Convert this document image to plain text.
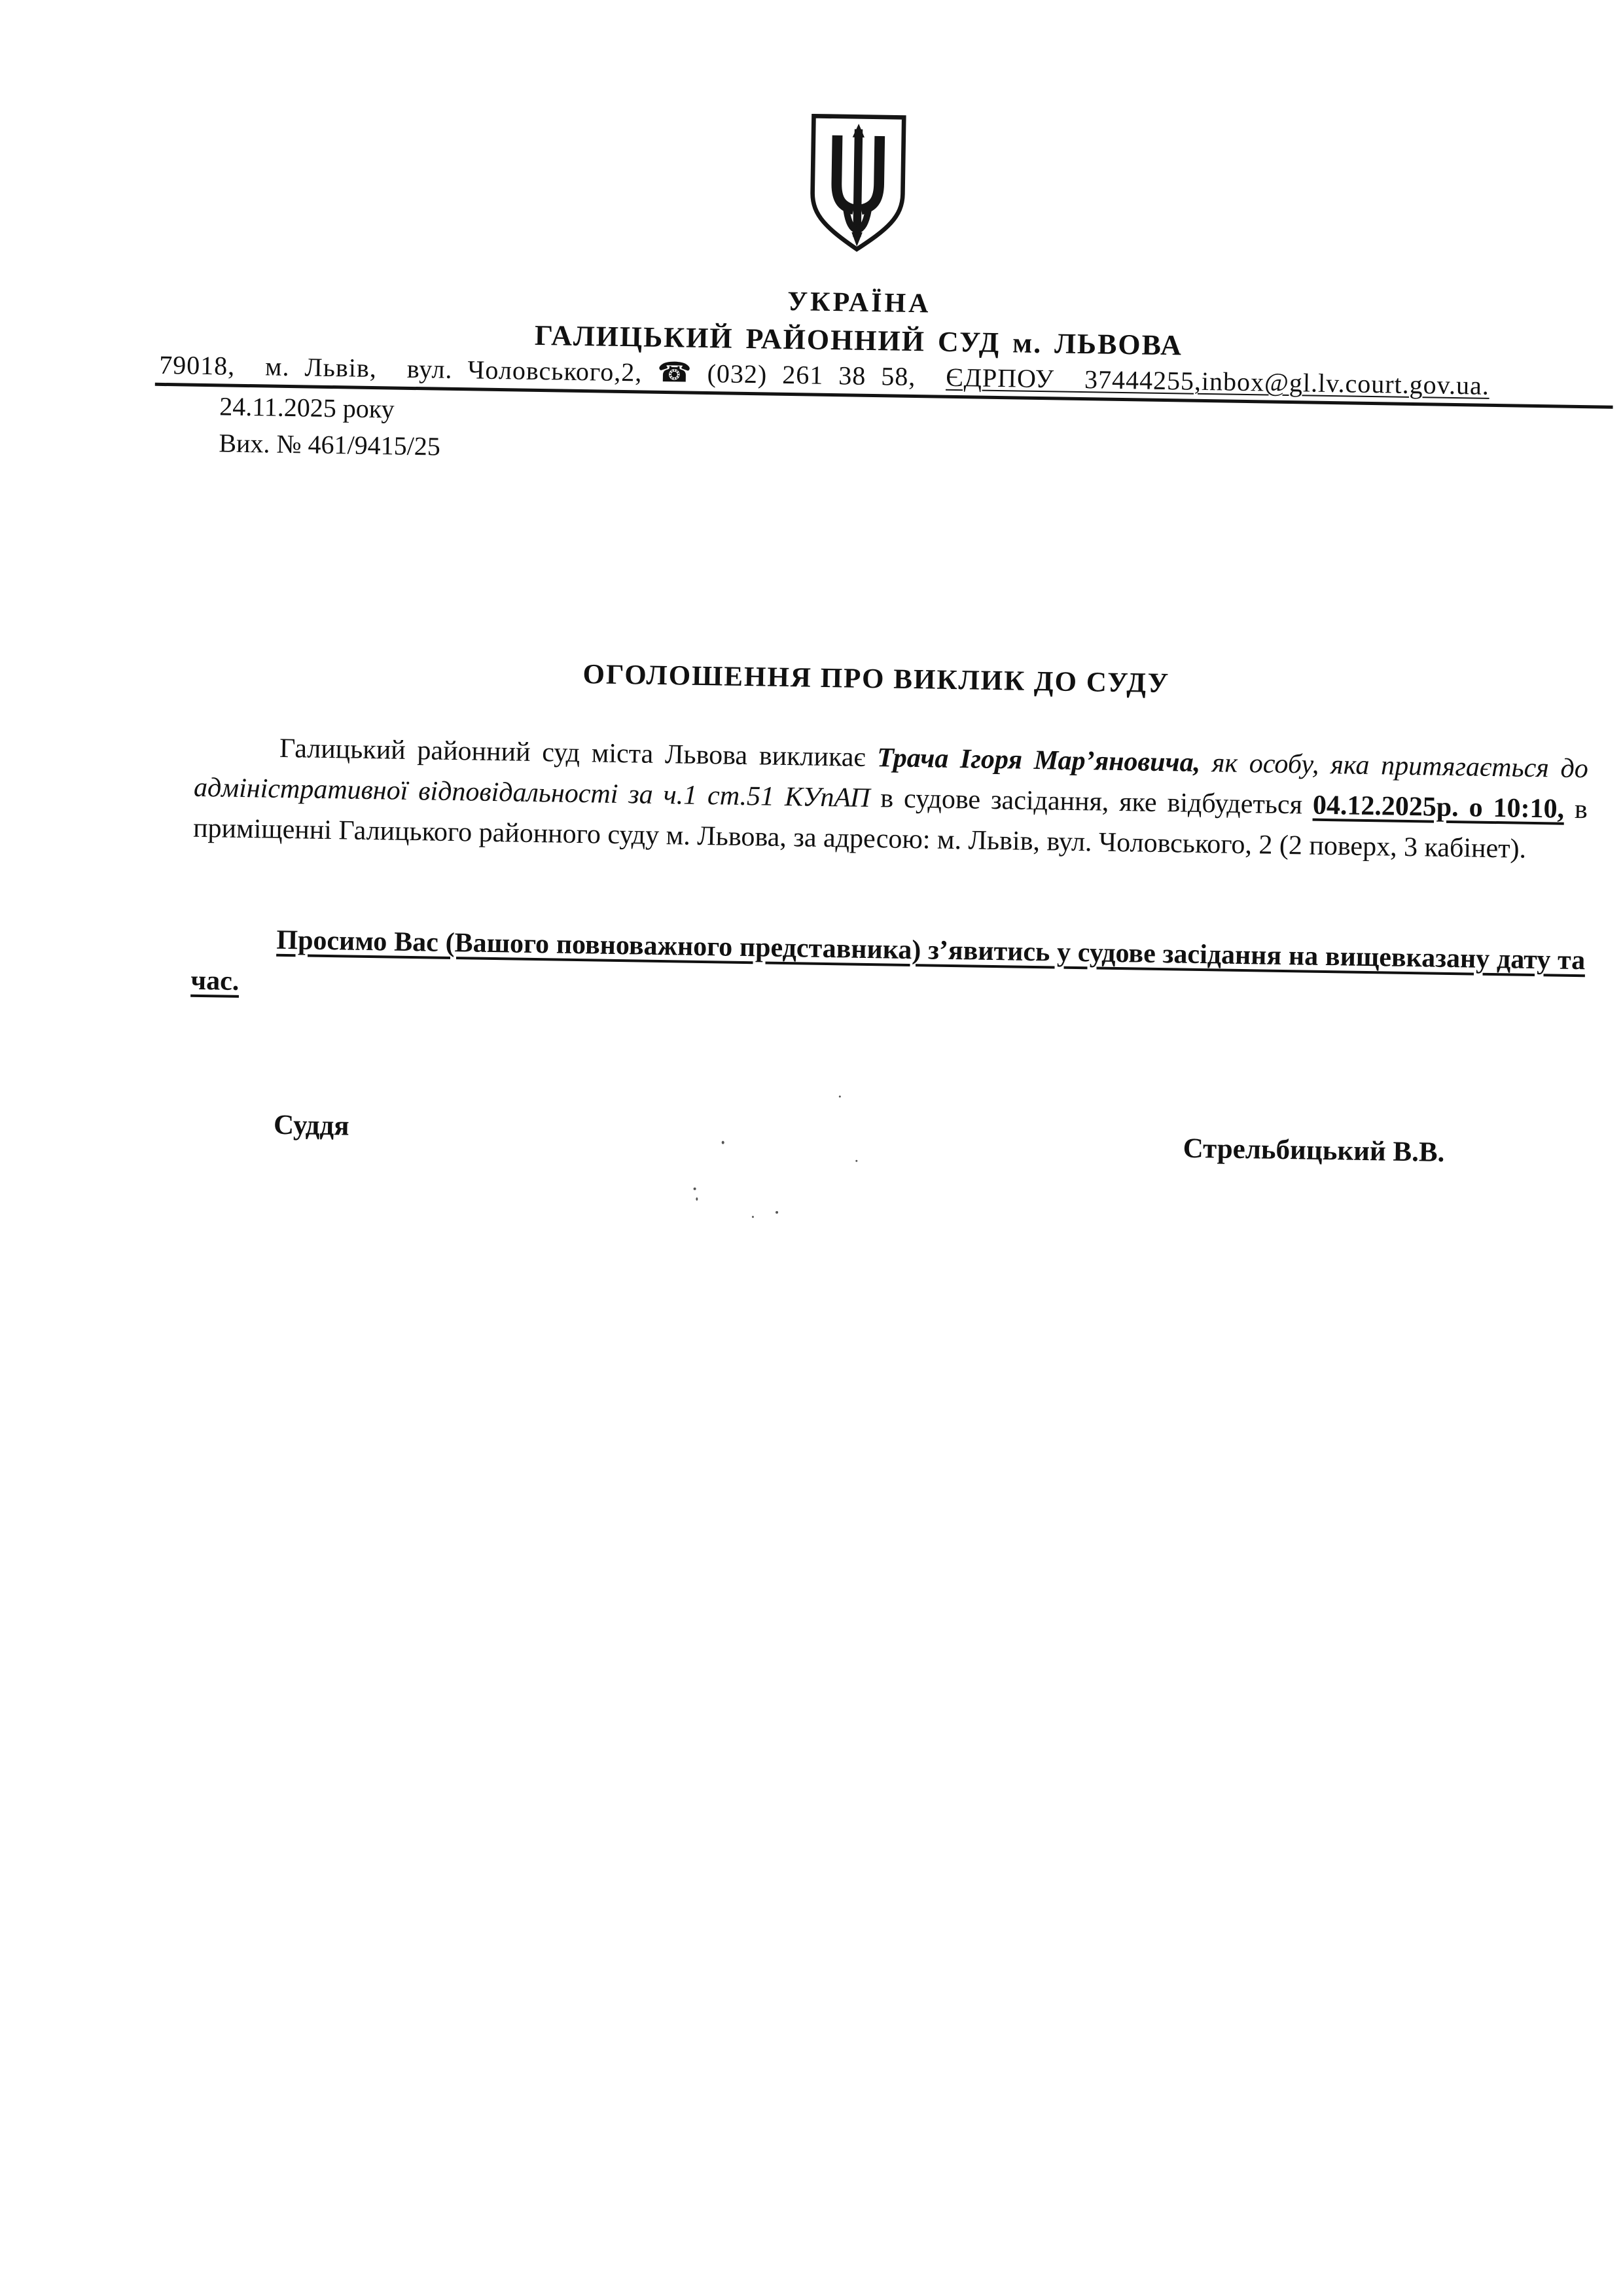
УКРАЇНА
ГАЛИЦЬКИЙ РАЙОННИЙ СУД м. ЛЬВОВА
79018,  м. Львів,  вул. Чоловського,2, ☎ (032) 261 38 58,  ЄДРПОУ  37444255,inbox@gl.lv.court.gov.ua.
24.11.2025 року
Вих. № 461/9415/25
ОГОЛОШЕННЯ ПРО ВИКЛИК ДО СУДУ
Галицький районний суд міста Львова викликає Трача Ігоря Мар’яновича, як особу, яка притягається до адміністративної відповідальності за ч.1 ст.51 КУпАП в судове засідання, яке відбудеться 04.12.2025р. о 10:10, в приміщенні Галицького районного суду м. Львова, за адресою: м. Львів, вул. Чоловського, 2 (2 поверх, 3 кабінет).
Просимо Вас (Вашого повноважного представника) з’явитись у судове засідання на вищевказану дату та час.
Суддя
Стрельбицький В.В.
